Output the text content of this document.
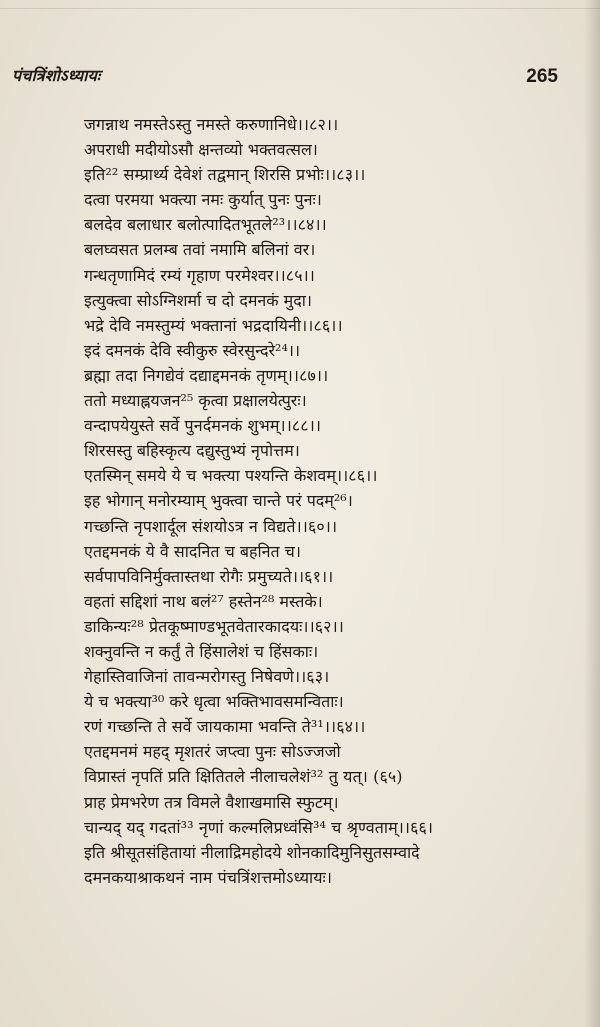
पंचत्रिंशोऽध्यायः	265
जगन्नाथ नमस्तेऽस्तु नमस्ते करुणानिधे।।८२।।
अपराधी मदीयोऽसौ क्षन्तव्यो भक्तवत्सल।
इति²² सम्प्रार्थ्य देवेशं तद्वमान् शिरसि प्रभोः।।८३।।
दत्वा परमया भक्त्या नमः कुर्यात् पुनः पुनः।
बलदेव बलाधार बलोत्पादितभूतले²³।।८४।।
बलघ्वसत प्रलम्ब तवां नमामि बलिनां वर।
गन्धतृणामिदं रम्यं गृहाण परमेश्वर।।८५।।
इत्युक्त्वा सोऽग्निशर्मा च दो दमनकं मुदा।
भद्रे देवि नमस्तुम्यं भक्तानां भद्रदायिनी।।८६।।
इदं दमनकं देवि स्वीकुरु स्वेरसुन्दरे²⁴।।
ब्रह्मा तदा निगद्येवं दद्याद्दमनकं तृणम्।।८७।।
ततो मध्याह्नयजन²⁵ कृत्वा प्रक्षालयेत्पुरः।
वन्दापयेयुस्ते सर्वे पुनर्दमनकं शुभम्।।८८।।
शिरसस्तु बहिस्कृत्य दद्युस्तुभ्यं नृपोत्तम।
एतस्मिन् समये ये च भक्त्या पश्यन्ति केशवम्।।८६।।
इह भोगान् मनोरम्याम् भुक्त्वा चान्ते परं पदम्²⁶।
गच्छन्ति नृपशार्दूल संशयोऽत्र न विद्यते।।६०।।
एतद्दमनकं ये वै सादनित च बहनित च।
सर्वपापविनिर्मुक्तास्तथा रोगैः प्रमुच्यते।।६१।।
वहतां सद्दिशां नाथ बलं²⁷ हस्तेन²⁸ मस्तके।
डाकिन्यः²⁸ प्रेतकूष्माण्डभूतवेतारकादयः।।६२।।
शक्नुवन्ति न कर्तुं ते हिंसालेशं च हिंसकाः।
गेहास्तिवाजिनां तावन्मरोगस्तु निषेवणे।।६३।
ये च भक्त्या³⁰ करे धृत्वा भक्तिभावसमन्विताः।
रणं गच्छन्ति ते सर्वे जायकामा भवन्ति ते³¹।।६४।।
एतद्दमनमं महद् मृशतरं जप्त्वा पुनः सोऽज्जजो
विप्रास्तं नृपतिं प्रति क्षितितले नीलाचलेशं³² तु यत्। (६५)
प्राह प्रेमभरेण तत्र विमले वैशाखमासि स्फुटम्।
चान्यद् यद् गदतां³³ नृणां कल्मलिप्रध्वंसि³⁴ च श्रृण्वताम्।।६६।
इति श्रीसूतसंहितायां नीलाद्रिमहोदये शोनकादिमुनिसुतसम्वादे
दमनकयाश्राकथनं नाम पंचत्रिंशत्तमोऽध्यायः।
